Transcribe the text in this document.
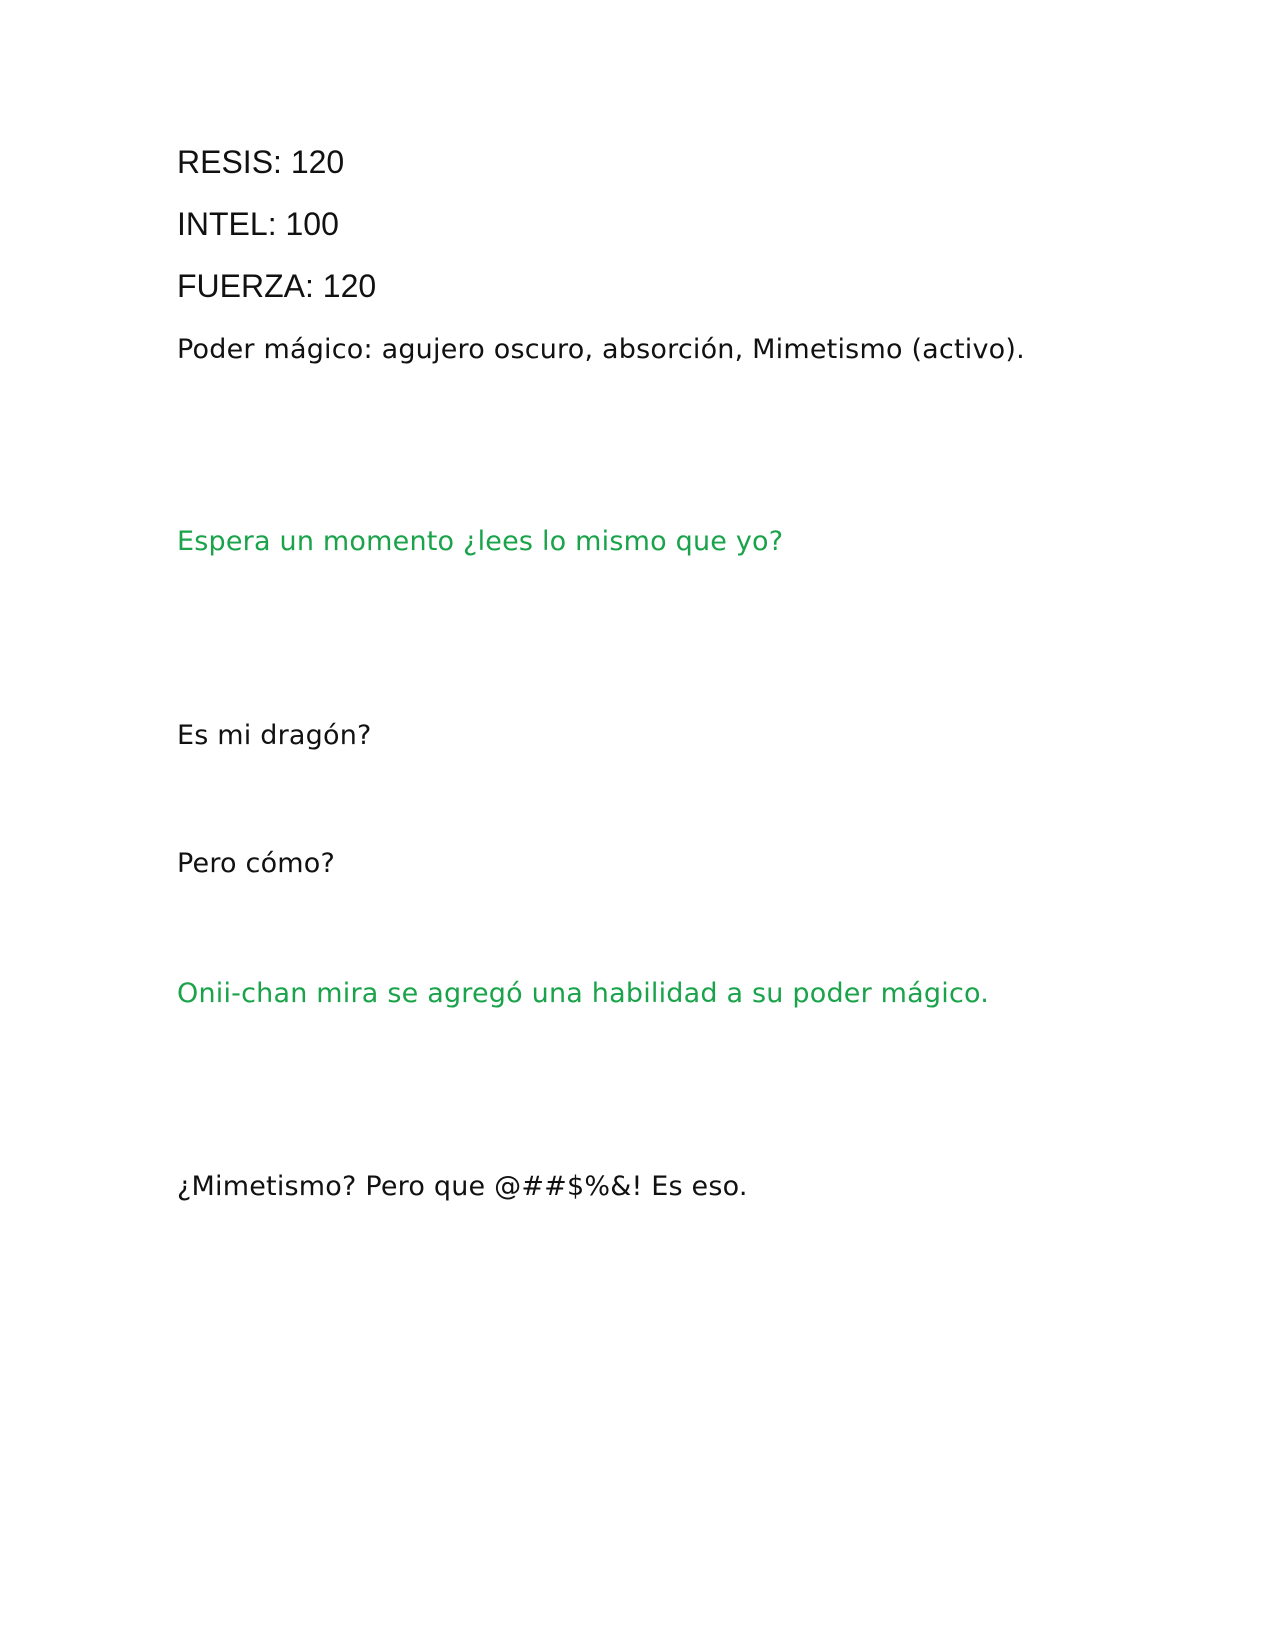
RESIS: 120
INTEL: 100
FUERZA: 120
Poder mágico: agujero oscuro, absorción, Mimetismo (activo).
Espera un momento ¿lees lo mismo que yo?
Es mi dragón?
Pero cómo?
Onii-chan mira se agregó una habilidad a su poder mágico.
¿Mimetismo? Pero que @##$%&! Es eso.
